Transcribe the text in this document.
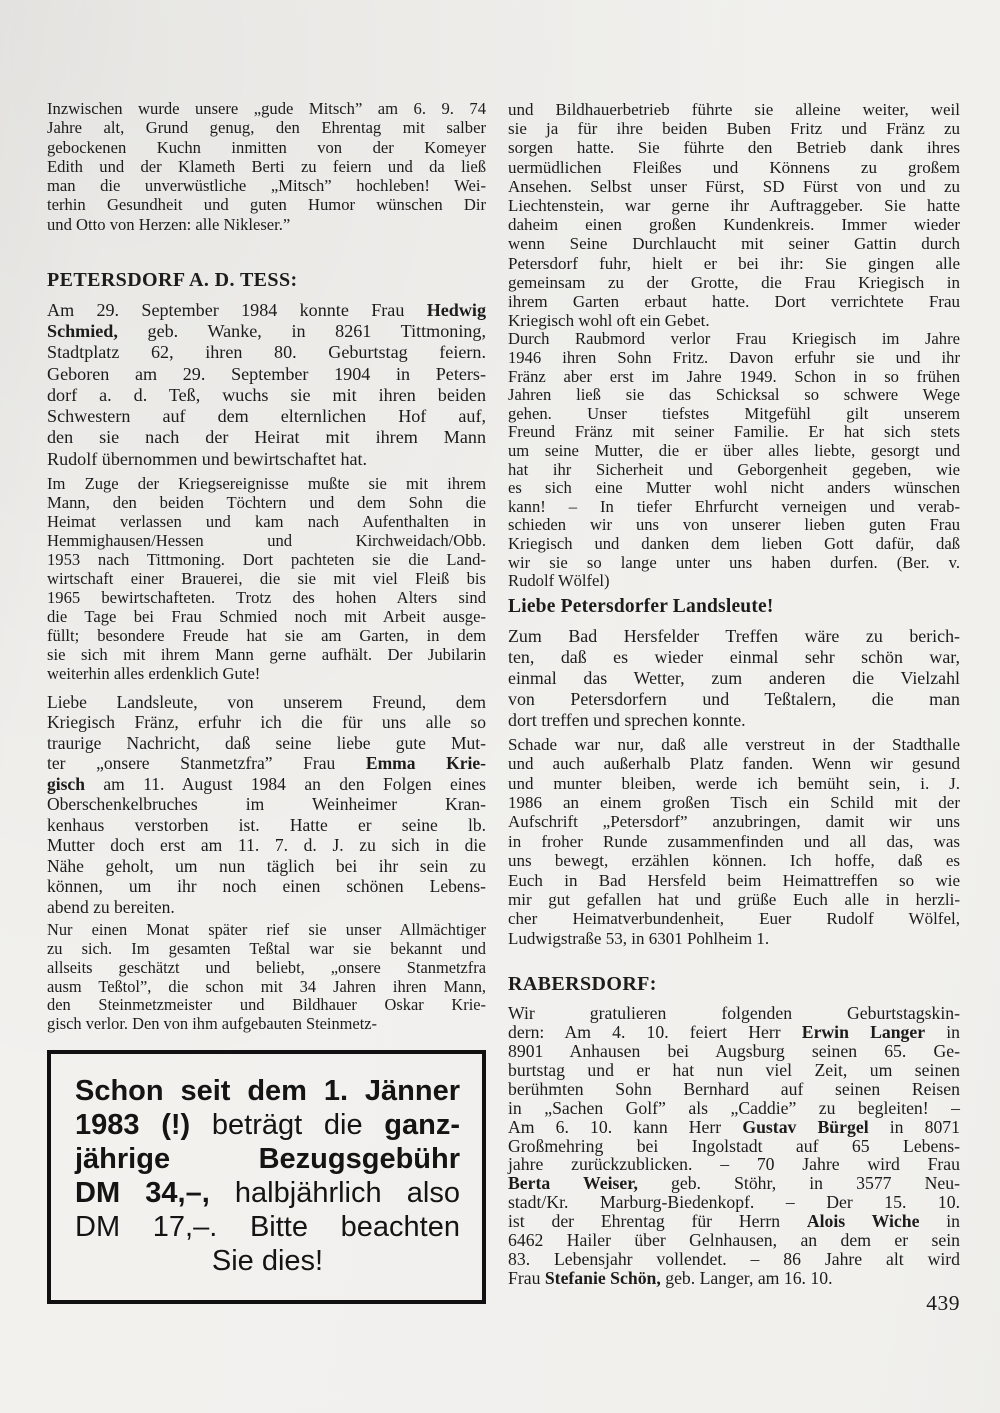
Inzwischen wurde unsere „gude Mitsch” am 6. 9. 74
Jahre alt, Grund genug, den Ehrentag mit salber
gebockenen Kuchn inmitten von der Komeyer
Edith und der Klameth Berti zu feiern und da ließ
man die unverwüstliche „Mitsch” hochleben! Wei-
terhin Gesundheit und guten Humor wünschen Dir
und Otto von Herzen: alle Nikleser.”
PETERSDORF A. D. TESS:
Am 29. September 1984 konnte Frau Hedwig
Schmied, geb. Wanke, in 8261 Tittmoning,
Stadtplatz 62, ihren 80. Geburtstag feiern.
Geboren am 29. September 1904 in Peters-
dorf a. d. Teß, wuchs sie mit ihren beiden
Schwestern auf dem elternlichen Hof auf,
den sie nach der Heirat mit ihrem Mann
Rudolf übernommen und bewirtschaftet hat.
Im Zuge der Kriegsereignisse mußte sie mit ihrem
Mann, den beiden Töchtern und dem Sohn die
Heimat verlassen und kam nach Aufenthalten in
Hemmighausen/Hessen und Kirchweidach/Obb.
1953 nach Tittmoning. Dort pachteten sie die Land-
wirtschaft einer Brauerei, die sie mit viel Fleiß bis
1965 bewirtschafteten. Trotz des hohen Alters sind
die Tage bei Frau Schmied noch mit Arbeit ausge-
füllt; besondere Freude hat sie am Garten, in dem
sie sich mit ihrem Mann gerne aufhält. Der Jubilarin
weiterhin alles erdenklich Gute!
Liebe Landsleute, von unserem Freund, dem
Kriegisch Fränz, erfuhr ich die für uns alle so
traurige Nachricht, daß seine liebe gute Mut-
ter „onsere Stanmetzfra” Frau Emma Krie-
gisch am 11. August 1984 an den Folgen eines
Oberschenkelbruches im Weinheimer Kran-
kenhaus verstorben ist. Hatte er seine lb.
Mutter doch erst am 11. 7. d. J. zu sich in die
Nähe geholt, um nun täglich bei ihr sein zu
können, um ihr noch einen schönen Lebens-
abend zu bereiten.
Nur einen Monat später rief sie unser Allmächtiger
zu sich. Im gesamten Teßtal war sie bekannt und
allseits geschätzt und beliebt, „onsere Stanmetzfra
ausm Teßtol”, die schon mit 34 Jahren ihren Mann,
den Steinmetzmeister und Bildhauer Oskar Krie-
gisch verlor. Den von ihm aufgebauten Steinmetz-
Schon seit dem 1. Jänner
1983 (!) beträgt die ganz-
jährige Bezugsgebühr
DM 34,–, halbjährlich also
DM 17,–. Bitte beachten
Sie dies!
und Bildhauerbetrieb führte sie alleine weiter, weil
sie ja für ihre beiden Buben Fritz und Fränz zu
sorgen hatte. Sie führte den Betrieb dank ihres
uermüdlichen Fleißes und Könnens zu großem
Ansehen. Selbst unser Fürst, SD Fürst von und zu
Liechtenstein, war gerne ihr Auftraggeber. Sie hatte
daheim einen großen Kundenkreis. Immer wieder
wenn Seine Durchlaucht mit seiner Gattin durch
Petersdorf fuhr, hielt er bei ihr: Sie gingen alle
gemeinsam zu der Grotte, die Frau Kriegisch in
ihrem Garten erbaut hatte. Dort verrichtete Frau
Kriegisch wohl oft ein Gebet.
Durch Raubmord verlor Frau Kriegisch im Jahre
1946 ihren Sohn Fritz. Davon erfuhr sie und ihr
Fränz aber erst im Jahre 1949. Schon in so frühen
Jahren ließ sie das Schicksal so schwere Wege
gehen. Unser tiefstes Mitgefühl gilt unserem
Freund Fränz mit seiner Familie. Er hat sich stets
um seine Mutter, die er über alles liebte, gesorgt und
hat ihr Sicherheit und Geborgenheit gegeben, wie
es sich eine Mutter wohl nicht anders wünschen
kann! – In tiefer Ehrfurcht verneigen und verab-
schieden wir uns von unserer lieben guten Frau
Kriegisch und danken dem lieben Gott dafür, daß
wir sie so lange unter uns haben durfen. (Ber. v.
Rudolf Wölfel)
Liebe Petersdorfer Landsleute!
Zum Bad Hersfelder Treffen wäre zu berich-
ten, daß es wieder einmal sehr schön war,
einmal das Wetter, zum anderen die Vielzahl
von Petersdorfern und Teßtalern, die man
dort treffen und sprechen konnte.
Schade war nur, daß alle verstreut in der Stadthalle
und auch außerhalb Platz fanden. Wenn wir gesund
und munter bleiben, werde ich bemüht sein, i. J.
1986 an einem großen Tisch ein Schild mit der
Aufschrift „Petersdorf” anzubringen, damit wir uns
in froher Runde zusammenfinden und all das, was
uns bewegt, erzählen können. Ich hoffe, daß es
Euch in Bad Hersfeld beim Heimattreffen so wie
mir gut gefallen hat und grüße Euch alle in herzli-
cher Heimatverbundenheit, Euer Rudolf Wölfel,
Ludwigstraße 53, in 6301 Pohlheim 1.
RABERSDORF:
Wir gratulieren folgenden Geburtstagskin-
dern: Am 4. 10. feiert Herr Erwin Langer in
8901 Anhausen bei Augsburg seinen 65. Ge-
burtstag und er hat nun viel Zeit, um seinen
berühmten Sohn Bernhard auf seinen Reisen
in „Sachen Golf” als „Caddie” zu begleiten! –
Am 6. 10. kann Herr Gustav Bürgel in 8071
Großmehring bei Ingolstadt auf 65 Lebens-
jahre zurückzublicken. – 70 Jahre wird Frau
Berta Weiser, geb. Stöhr, in 3577 Neu-
stadt/Kr. Marburg-Biedenkopf. – Der 15. 10.
ist der Ehrentag für Herrn Alois Wiche in
6462 Hailer über Gelnhausen, an dem er sein
83. Lebensjahr vollendet. – 86 Jahre alt wird
Frau Stefanie Schön, geb. Langer, am 16. 10.
439
